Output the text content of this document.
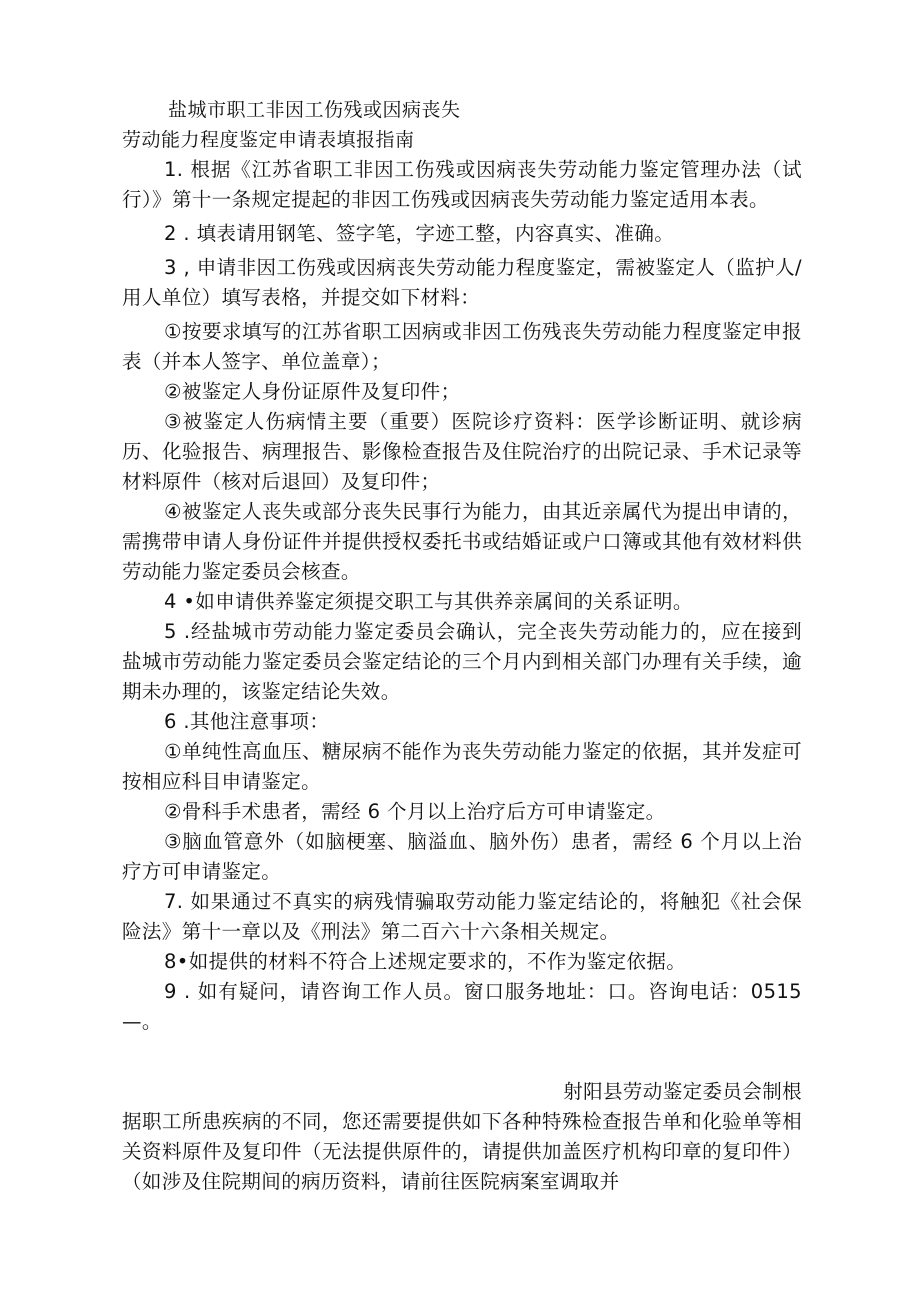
盐城市职工非因工伤残或因病丧失

劳动能力程度鉴定申请表填报指南

1. 根据《江苏省职工非因工伤残或因病丧失劳动能力鉴定管理办法（试行）》第十一条规定提起的非因工伤残或因病丧失劳动能力鉴定适用本表。

2 . 填表请用钢笔、签字笔，字迹工整，内容真实、准确。

3 , 申请非因工伤残或因病丧失劳动能力程度鉴定，需被鉴定人（监护人/用人单位）填写表格，并提交如下材料：

①按要求填写的江苏省职工因病或非因工伤残丧失劳动能力程度鉴定申报表（并本人签字、单位盖章）；

②被鉴定人身份证原件及复印件；

③被鉴定人伤病情主要（重要）医院诊疗资料：医学诊断证明、就诊病历、化验报告、病理报告、影像检查报告及住院治疗的出院记录、手术记录等材料原件（核对后退回）及复印件；

④被鉴定人丧失或部分丧失民事行为能力，由其近亲属代为提出申请的，需携带申请人身份证件并提供授权委托书或结婚证或户口簿或其他有效材料供劳动能力鉴定委员会核查。

4 •如申请供养鉴定须提交职工与其供养亲属间的关系证明。

5 .经盐城市劳动能力鉴定委员会确认，完全丧失劳动能力的，应在接到盐城市劳动能力鉴定委员会鉴定结论的三个月内到相关部门办理有关手续，逾期未办理的，该鉴定结论失效。

6 .其他注意事项：

①单纯性高血压、糖尿病不能作为丧失劳动能力鉴定的依据，其并发症可按相应科目申请鉴定。

②骨科手术患者，需经 6 个月以上治疗后方可申请鉴定。

③脑血管意外（如脑梗塞、脑溢血、脑外伤）患者，需经 6 个月以上治疗方可申请鉴定。

7. 如果通过不真实的病残情骗取劳动能力鉴定结论的，将触犯《社会保险法》第十一章以及《刑法》第二百六十六条相关规定。

8•如提供的材料不符合上述规定要求的，不作为鉴定依据。

9 . 如有疑问，请咨询工作人员。窗口服务地址：口。咨询电话：0515—。

射阳县劳动鉴定委员会制根 据职工所患疾病的不同，您还需要提供如下各种特殊检查报告单和化验单等相关资料原件及复印件（无法提供原件的，请提供加盖医疗机构印章的复印件）（如涉及住院期间的病历资料，请前往医院病案室调取并
